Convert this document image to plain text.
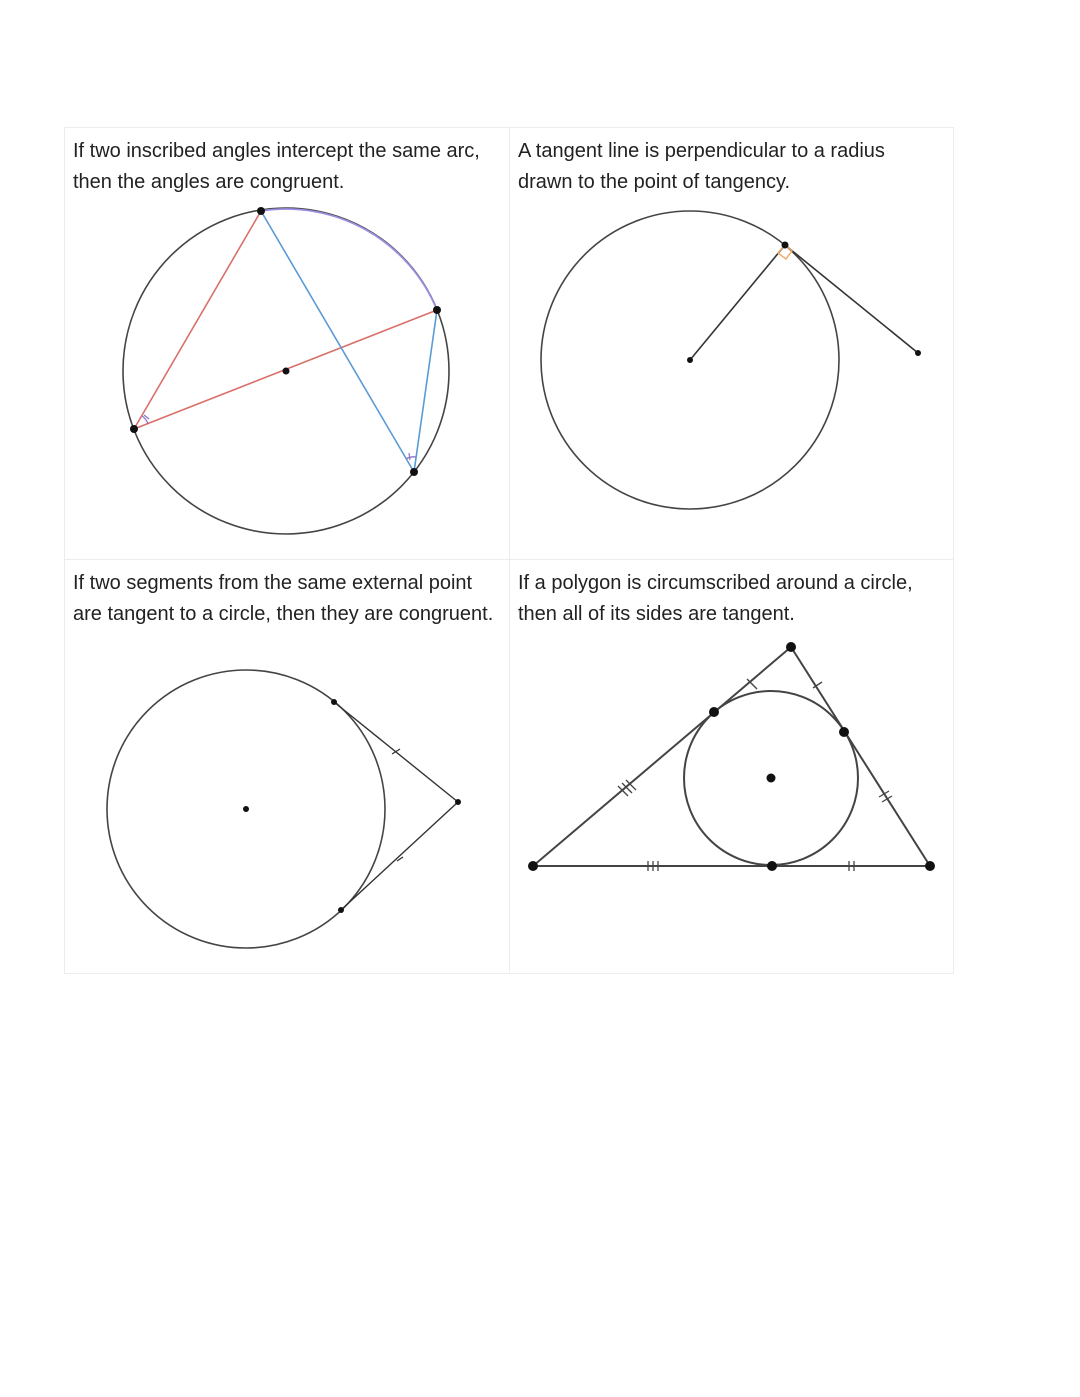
If two inscribed angles intercept the same arc, then the angles are congruent.

A tangent line is perpendicular to a radius drawn to the point of tangency.

If two segments from the same external point are tangent to a circle, then they are congruent.

If a polygon is circumscribed around a circle, then all of its sides are tangent.
